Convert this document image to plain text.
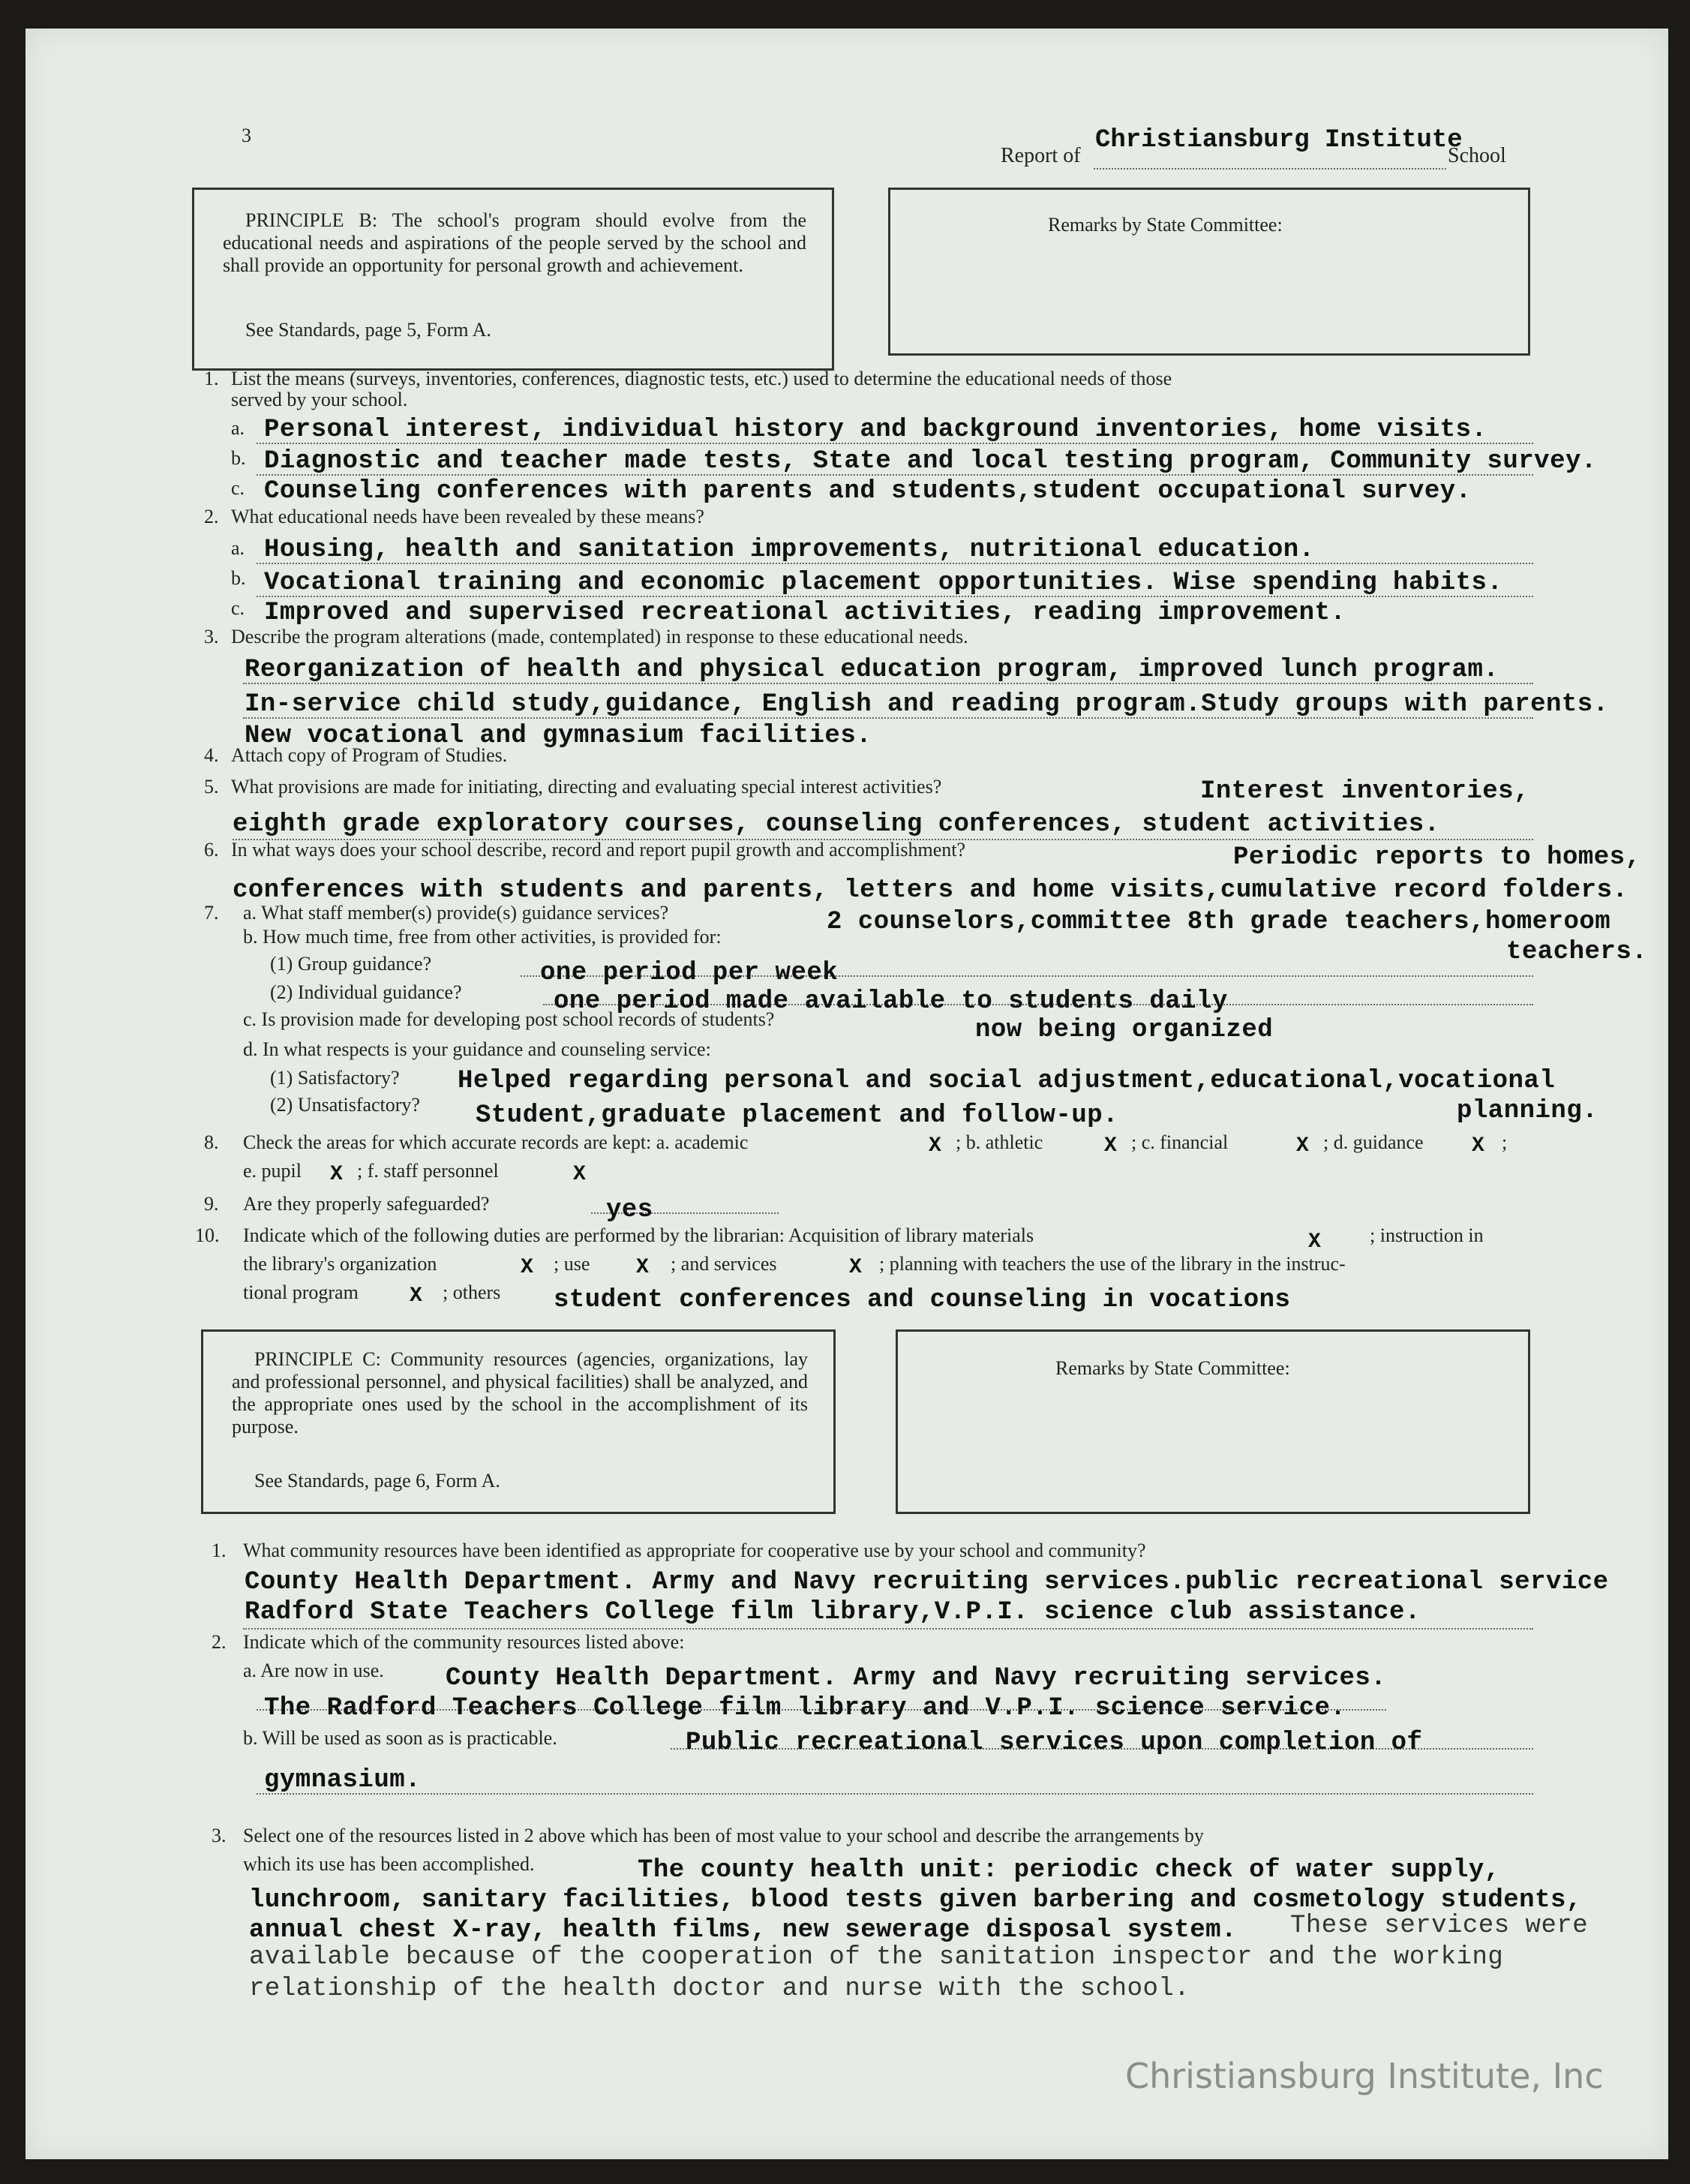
3
Report of
Christiansburg Institute
School
PRINCIPLE B: The school's program should evolve from the educational needs and aspirations of the people served by the school and shall provide an opportunity for personal growth and achievement.
See Standards, page 5, Form A.
Remarks by State Committee:
1. List the means (surveys, inventories, conferences, diagnostic tests, etc.) used to determine the educational needs of those
served by your school.
a. Personal interest, individual history and background inventories, home visits.
b. Diagnostic and teacher made tests, State and local testing program, Community survey.
c. Counseling conferences with parents and students,student occupational survey.
2. What educational needs have been revealed by these means?
a. Housing, health and sanitation improvements, nutritional education.
b. Vocational training and economic placement opportunities. Wise spending habits.
c. Improved and supervised recreational activities, reading improvement.
3. Describe the program alterations (made, contemplated) in response to these educational needs.
Reorganization of health and physical education program, improved lunch program.
In-service child study,guidance, English and reading program.Study groups with parents.
New vocational and gymnasium facilities.
4. Attach copy of Program of Studies.
5. What provisions are made for initiating, directing and evaluating special interest activities?	Interest inventories,
eighth grade exploratory courses, counseling conferences, student activities.
6. In what ways does your school describe, record and report pupil growth and accomplishment?	Periodic reports to homes,
conferences with students and parents, letters and home visits,cumulative record folders.
7. a. What staff member(s) provide(s) guidance services?	2 counselors,committee 8th grade teachers,homeroom
b. How much time, free from other activities, is provided for:
teachers.
(1) Group guidance?	one period per week
(2) Individual guidance?	one period made available to students daily
c. Is provision made for developing post school records of students?	now being organized
d. In what respects is your guidance and counseling service:
(1) Satisfactory? Helped regarding personal and social adjustment,educational,vocational
planning.
(2) Unsatisfactory? Student,graduate placement and follow-up.
8. Check the areas for which accurate records are kept: a. academic	X ; b. athletic	X ; c. financial	X ; d. guidance X ;
e. pupil X ; f. staff personnel	X
9. Are they properly safeguarded?	yes
10. Indicate which of the following duties are performed by the librarian: Acquisition of library materials	X	; instruction in
the library's organization	X ; use X ; and services	X ; planning with teachers the use of the library in the instruc-
tional program X ; others student conferences and counseling in vocations
PRINCIPLE C: Community resources (agencies, organizations, lay and professional personnel, and physical facilities) shall be analyzed, and the appropriate ones used by the school in the accomplishment of its purpose.
See Standards, page 6, Form A.
Remarks by State Committee:
1. What community resources have been identified as appropriate for cooperative use by your school and community?
County Health Department. Army and Navy recruiting services.public recreational service
Radford State Teachers College film library,V.P.I. science club assistance.
2. Indicate which of the community resources listed above:
a. Are now in use. County Health Department. Army and Navy recruiting services.
The Radford Teachers College film library and V.P.I. science service.
b. Will be used as soon as is practicable.	Public recreational services upon completion of
gymnasium.
3. Select one of the resources listed in 2 above which has been of most value to your school and describe the arrangements by
which its use has been accomplished.	The county health unit: periodic check of water supply,
lunchroom, sanitary facilities, blood tests given barbering and cosmetology students,
annual chest X-ray, health films, new sewerage disposal system. These services were
available because of the cooperation of the sanitation inspector and the working
relationship of the health doctor and nurse with the school.
Christiansburg Institute, Inc
